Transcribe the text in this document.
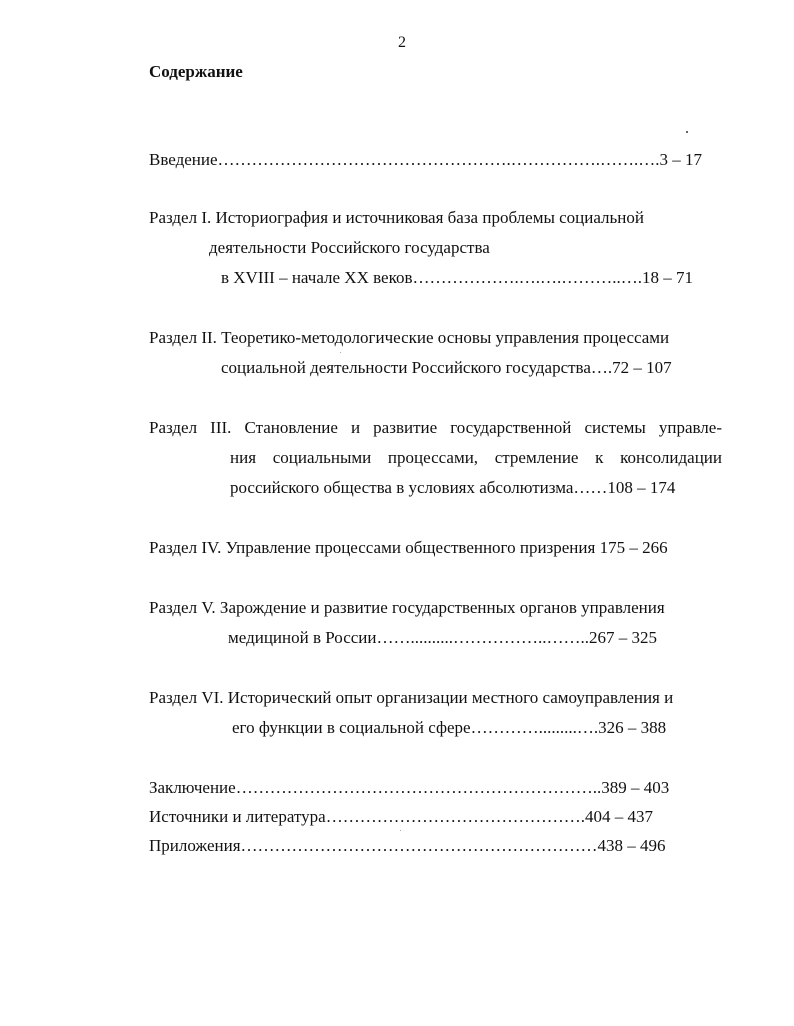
2
Содержание
Введение…………………………………………….…………….…….….3 – 17
Раздел I. Историография и источниковая база проблемы социальной
деятельности Российского государства
в XVIII – начале XX веков……………….….….………..….18 – 71
Раздел II. Теоретико-методологические основы управления процессами
социальной деятельности Российского государства….72 – 107
Раздел III. Становление и развитие государственной системы управле-
ния социальными процессами, стремление к консолидации
российского общества в условиях абсолютизма……108 – 174
Раздел IV. Управление процессами общественного призрения 175 – 266
Раздел V. Зарождение и развитие государственных органов управления
медициной в России……..........……………..……..267 – 325
Раздел VI. Исторический опыт организации местного самоуправления и
его функции в социальной сфере………….........….326 – 388
Заключение………………………………………………………..389 – 403
Источники и литература……………………………………….404 – 437
Приложения………………………………………………………438 – 496
